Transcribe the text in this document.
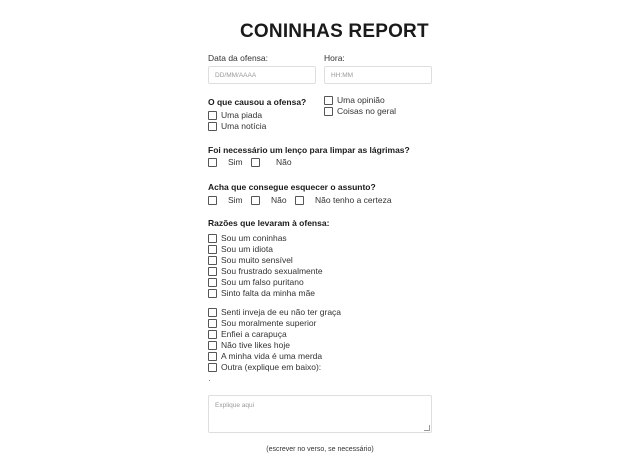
CONINHAS REPORT
Data da ofensa:
DD/MM/AAAA
Hora:
HH:MM
O que causou a ofensa?
Uma piada
Uma notícia
Uma opinião
Coisas no geral
Foi necessário um lenço para limpar as lágrimas?
Sim	Não
Acha que consegue esquecer o assunto?
Sim	Não	Não tenho a certeza
Razões que levaram à ofensa:
Sou um coninhas
Sou um idiota
Sou muito sensível
Sou frustrado sexualmente
Sou um falso puritano
Sinto falta da minha mãe
Senti inveja de eu não ter graça
Sou moralmente superior
Enfiei a carapuça
Não tive likes hoje
A minha vida é uma merda
Outra (explique em baixo):
·
Explique aqui
(escrever no verso, se necessário)
